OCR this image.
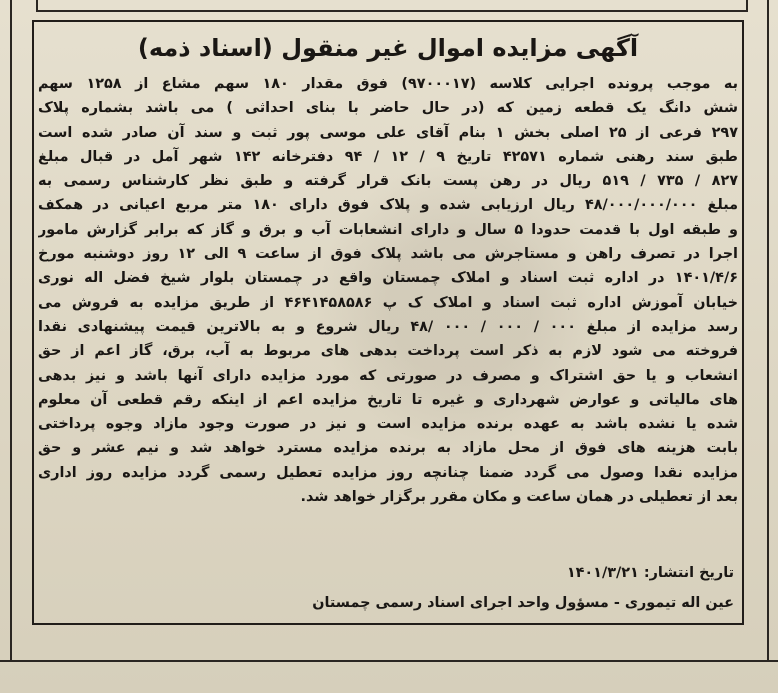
آگهی مزایده اموال غیر منقول (اسناد ذمه)
به موجب پرونده اجرایی کلاسه (۹۷۰۰۰۱۷) فوق مقدار ۱۸۰ سهم مشاع از ۱۲۵۸ سهم
شش دانگ یک قطعه زمین که (در حال حاضر با بنای احداثی ) می باشد بشماره پلاک
۲۹۷ فرعی از ۲۵ اصلی بخش ۱ بنام آقای علی موسی پور ثبت و سند آن صادر شده است
طبق سند رهنی شماره ۴۲۵۷۱ تاریخ ۹ / ۱۲ / ۹۴ دفترخانه ۱۴۲ شهر آمل در قبال مبلغ
۸۲۷ / ۷۳۵ / ۵۱۹ ریال در رهن پست بانک قرار گرفته و طبق نظر کارشناس رسمی به
مبلغ ۴۸/۰۰۰/۰۰۰/۰۰۰ ریال ارزیابی شده و پلاک فوق دارای ۱۸۰ متر مربع اعیانی در همکف
و طبقه اول با قدمت حدودا ۵ سال و دارای انشعابات آب و برق و گاز که برابر گزارش مامور
اجرا در تصرف راهن و مستاجرش می باشد پلاک فوق از ساعت ۹ الی ۱۲ روز دوشنبه مورخ
۱۴۰۱/۴/۶ در اداره ثبت اسناد و املاک چمستان واقع در چمستان بلوار شیخ فضل اله نوری
خیابان آموزش اداره ثبت اسناد و املاک ک پ ۴۶۴۱۴۵۸۵۸۶ از طریق مزایده به فروش می
رسد مزایده از مبلغ ۰۰۰ / ۰۰۰ / ۰۰۰ /۴۸ ریال شروع و به بالاترین قیمت پیشنهادی نقدا
فروخته می شود لازم به ذکر است پرداخت بدهی های مربوط به آب، برق، گاز اعم از حق
انشعاب و یا حق اشتراک و مصرف در صورتی که مورد مزایده دارای آنها باشد و نیز بدهی
های مالیاتی و عوارض شهرداری و غیره تا تاریخ مزایده اعم از اینکه رقم قطعی آن معلوم
شده یا نشده باشد به عهده برنده مزایده است و نیز در صورت وجود مازاد وجوه پرداختی
بابت هزینه های فوق از محل مازاد به برنده مزایده مسترد خواهد شد و نیم عشر و حق
مزایده نقدا وصول می گردد ضمنا چنانچه روز مزایده تعطیل رسمی گردد مزایده روز اداری
بعد از تعطیلی در همان ساعت و مکان مقرر برگزار خواهد شد.
تاریخ انتشار: ۱۴۰۱/۳/۲۱
عین اله تیموری - مسؤول واحد اجرای اسناد رسمی چمستان
